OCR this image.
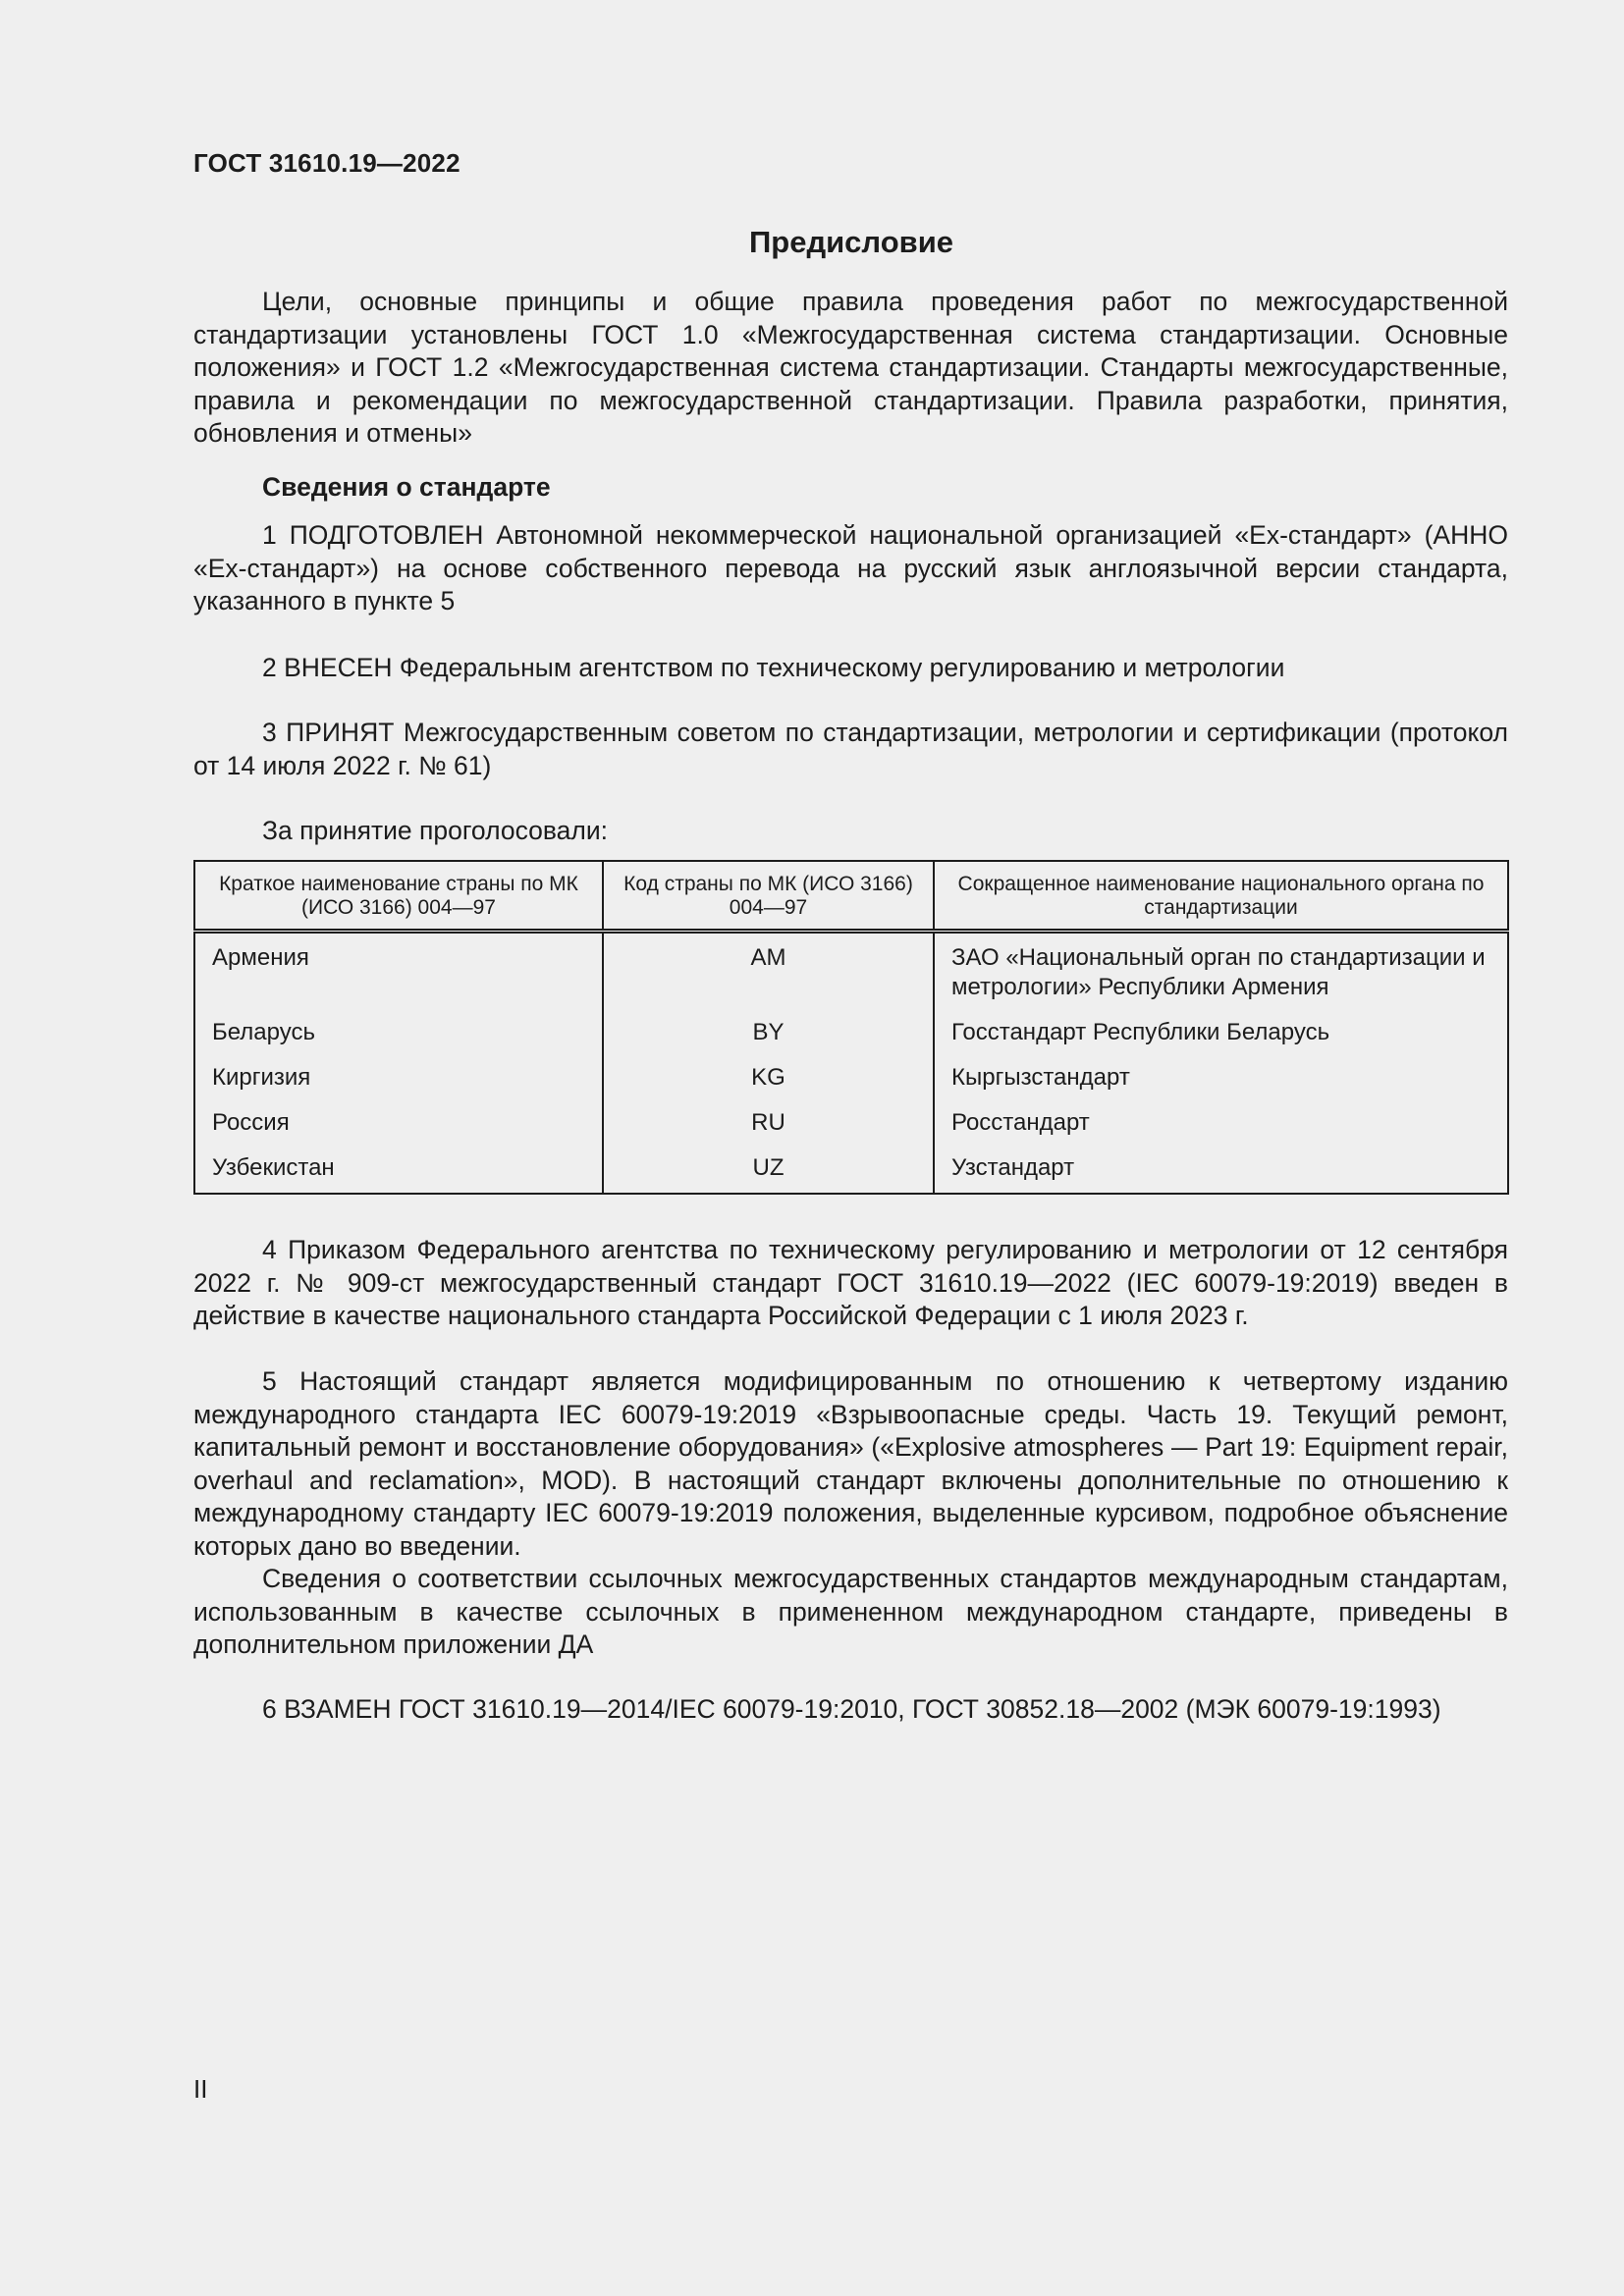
ГОСТ 31610.19—2022
Предисловие

Цели, основные принципы и общие правила проведения работ по межгосударственной стандартизации установлены ГОСТ 1.0 «Межгосударственная система стандартизации. Основные положения» и ГОСТ 1.2 «Межгосударственная система стандартизации. Стандарты межгосударственные, правила и рекомендации по межгосударственной стандартизации. Правила разработки, принятия, обновления и отмены»

Сведения о стандарте

1 ПОДГОТОВЛЕН Автономной некоммерческой национальной организацией «Ех-стандарт» (АННО «Ех-стандарт») на основе собственного перевода на русский язык англоязычной версии стандарта, указанного в пункте 5

2 ВНЕСЕН Федеральным агентством по техническому регулированию и метрологии

3 ПРИНЯТ Межгосударственным советом по стандартизации, метрологии и сертификации (протокол от 14 июля 2022 г. № 61)

За принятие проголосовали:
Краткое наименование страны по МК (ИСО 3166) 004—97	Код страны по МК (ИСО 3166) 004—97	Сокращенное наименование национального органа по стандартизации
Армения	AM	ЗАО «Национальный орган по стандартизации и метрологии» Республики Армения
Беларусь	BY	Госстандарт Республики Беларусь
Киргизия	KG	Кыргызстандарт
Россия	RU	Росстандарт
Узбекистан	UZ	Узстандарт

4 Приказом Федерального агентства по техническому регулированию и метрологии от 12 сентября 2022 г. № 909-ст межгосударственный стандарт ГОСТ 31610.19—2022 (IEC 60079-19:2019) введен в действие в качестве национального стандарта Российской Федерации с 1 июля 2023 г.

5 Настоящий стандарт является модифицированным по отношению к четвертому изданию международного стандарта IEC 60079-19:2019 «Взрывоопасные среды. Часть 19. Текущий ремонт, капитальный ремонт и восстановление оборудования» («Explosive atmospheres — Part 19: Equipment repair, overhaul and reclamation», MOD). В настоящий стандарт включены дополнительные по отношению к международному стандарту IEC 60079-19:2019 положения, выделенные курсивом, подробное объяснение которых дано во введении.

Сведения о соответствии ссылочных межгосударственных стандартов международным стандартам, использованным в качестве ссылочных в примененном международном стандарте, приведены в дополнительном приложении ДА

6 ВЗАМЕН ГОСТ 31610.19—2014/IEC 60079-19:2010, ГОСТ 30852.18—2002 (МЭК 60079-19:1993)

II
